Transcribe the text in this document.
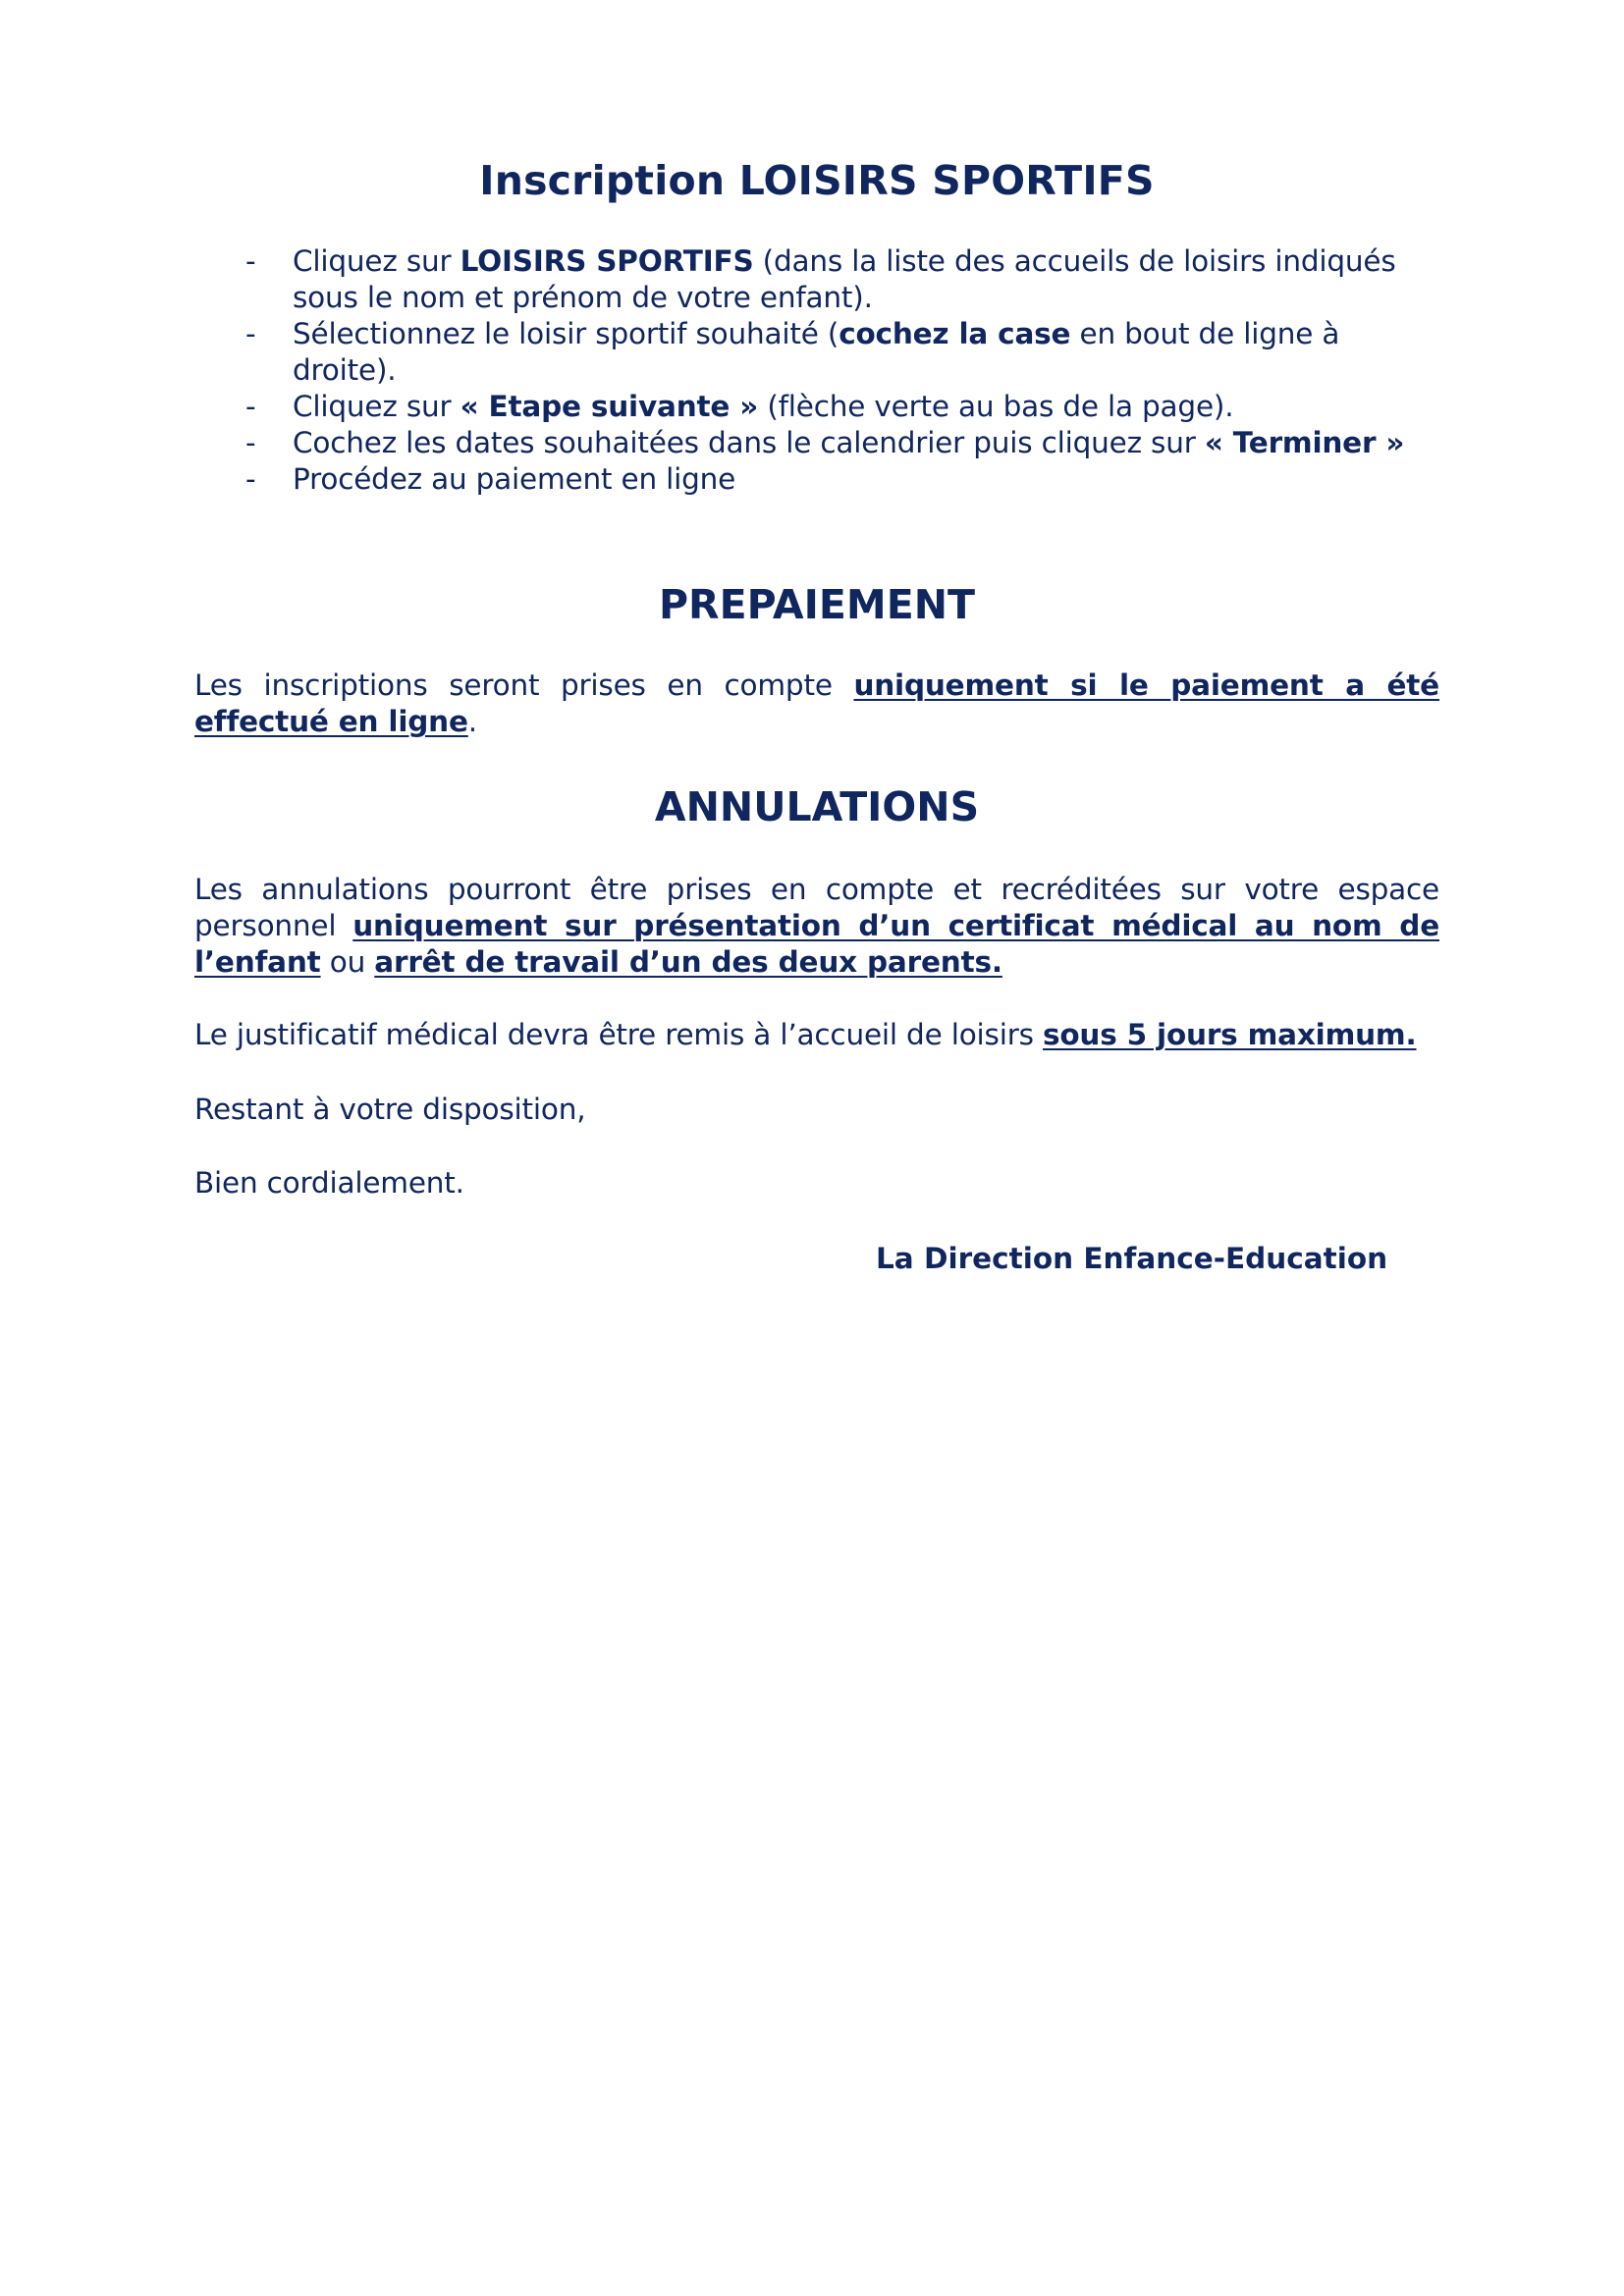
Inscription LOISIRS SPORTIFS
- Cliquez sur LOISIRS SPORTIFS (dans la liste des accueils de loisirs indiqués sous le nom et prénom de votre enfant).
- Sélectionnez le loisir sportif souhaité (cochez la case en bout de ligne à droite).
- Cliquez sur « Etape suivante » (flèche verte au bas de la page).
- Cochez les dates souhaitées dans le calendrier puis cliquez sur « Terminer »
- Procédez au paiement en ligne
PREPAIEMENT

Les inscriptions seront prises en compte uniquement si le paiement a été effectué en ligne.

ANNULATIONS

Les annulations pourront être prises en compte et recréditées sur votre espace personnel uniquement sur présentation d’un certificat médical au nom de l’enfant ou arrêt de travail d’un des deux parents.

Le justificatif médical devra être remis à l’accueil de loisirs sous 5 jours maximum.

Restant à votre disposition,

Bien cordialement.

La Direction Enfance-Education
